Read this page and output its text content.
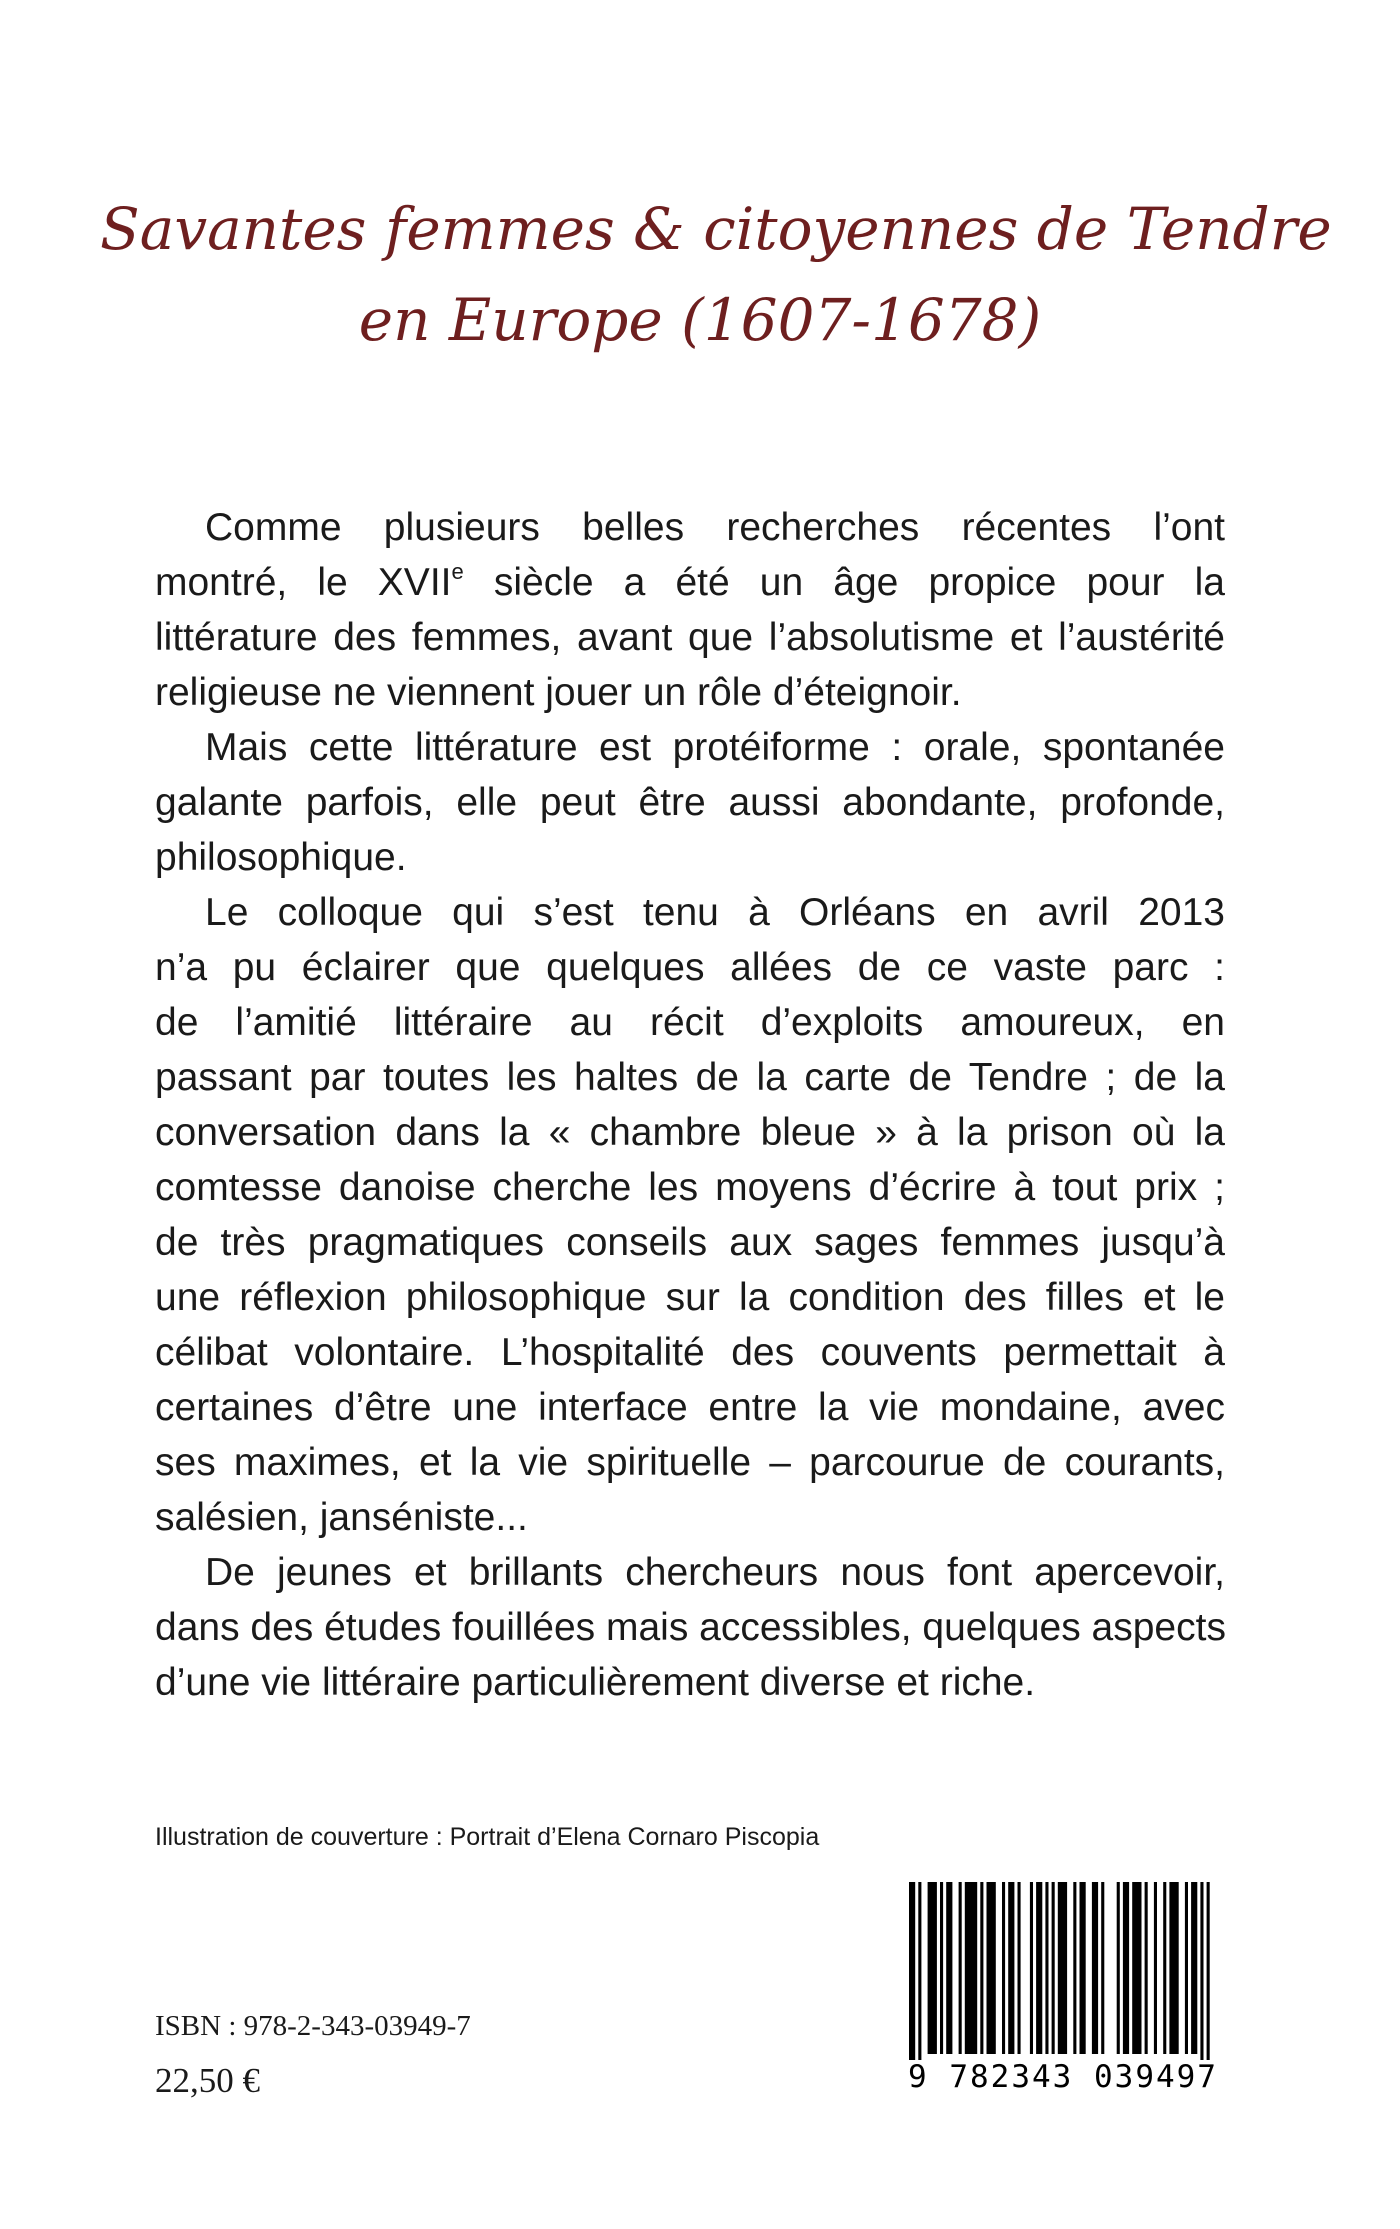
Savantes femmes & citoyennes de Tendre
en Europe (1607-1678)
Comme plusieurs belles recherches récentes l’ont
montré, le XVIIe siècle a été un âge propice pour la
littérature des femmes, avant que l’absolutisme et l’austérité
religieuse ne viennent jouer un rôle d’éteignoir.
Mais cette littérature est protéiforme : orale, spontanée
galante parfois, elle peut être aussi abondante, profonde,
philosophique.
Le colloque qui s’est tenu à Orléans en avril 2013
n’a pu éclairer que quelques allées de ce vaste parc :
de l’amitié littéraire au récit d’exploits amoureux, en
passant par toutes les haltes de la carte de Tendre ; de la
conversation dans la « chambre bleue » à la prison où la
comtesse danoise cherche les moyens d’écrire à tout prix ;
de très pragmatiques conseils aux sages femmes jusqu’à
une réflexion philosophique sur la condition des filles et le
célibat volontaire. L’hospitalité des couvents permettait à
certaines d’être une interface entre la vie mondaine, avec
ses maximes, et la vie spirituelle – parcourue de courants,
salésien, janséniste...
De jeunes et brillants chercheurs nous font apercevoir,
dans des études fouillées mais accessibles, quelques aspects
d’une vie littéraire particulièrement diverse et riche.
Illustration de couverture : Portrait d’Elena Cornaro Piscopia
ISBN : 978-2-343-03949-7
22,50 €	9 782343 039497
